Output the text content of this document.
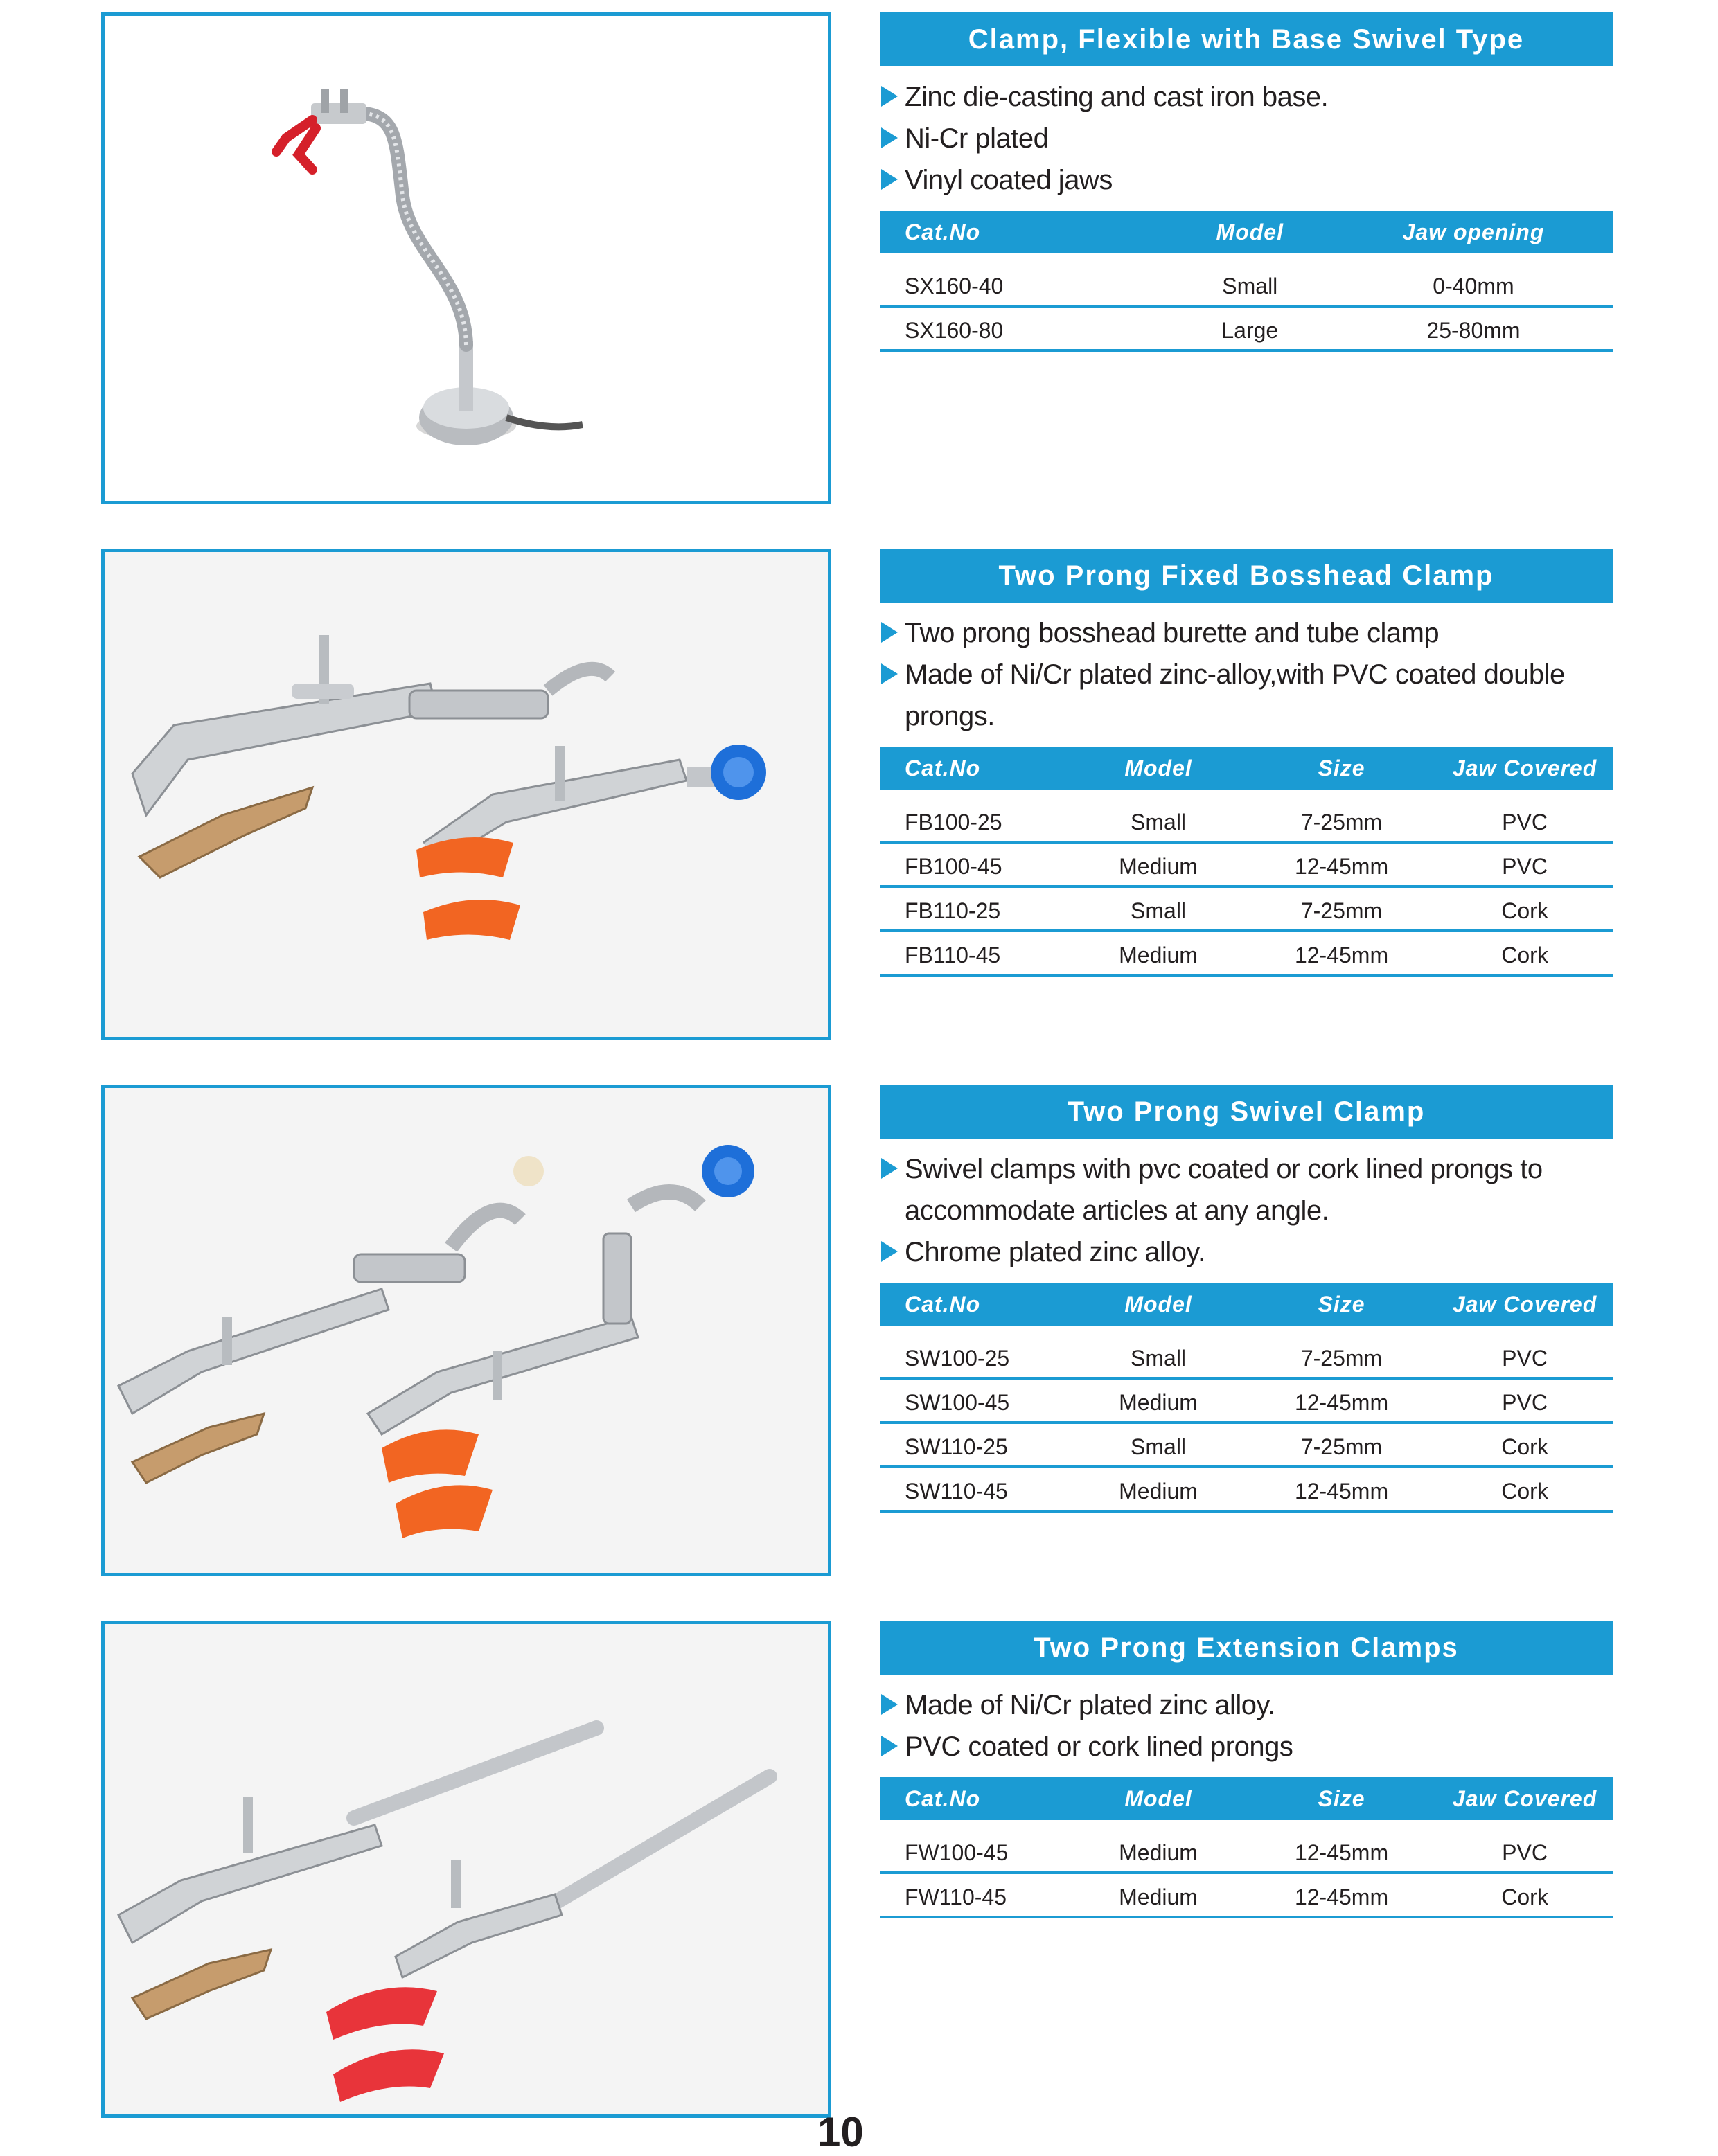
Clamp, Flexible with Base Swivel Type
Zinc die-casting and cast iron base.
Ni-Cr plated
Vinyl coated jaws
Cat.No	Model	Jaw opening

SX160-40	Small	0-40mm
SX160-80	Large	25-80mm
Two Prong Fixed Bosshead Clamp
Two prong bosshead burette and tube clamp
Made of Ni/Cr plated zinc-alloy,with PVC coated double prongs.
Cat.No	Model	Size	Jaw Covered

FB100-25	Small	7-25mm	PVC
FB100-45	Medium	12-45mm	PVC
FB110-25	Small	7-25mm	Cork
FB110-45	Medium	12-45mm	Cork
Two Prong Swivel Clamp
Swivel clamps with pvc coated or cork lined prongs to accommodate articles at any angle.
Chrome plated zinc alloy.
Cat.No	Model	Size	Jaw Covered

SW100-25	Small	7-25mm	PVC
SW100-45	Medium	12-45mm	PVC
SW110-25	Small	7-25mm	Cork
SW110-45	Medium	12-45mm	Cork
Two Prong Extension Clamps
Made of Ni/Cr plated zinc alloy.
PVC coated or cork lined prongs
Cat.No	Model	Size	Jaw Covered

FW100-45	Medium	12-45mm	PVC
FW110-45	Medium	12-45mm	Cork
10
